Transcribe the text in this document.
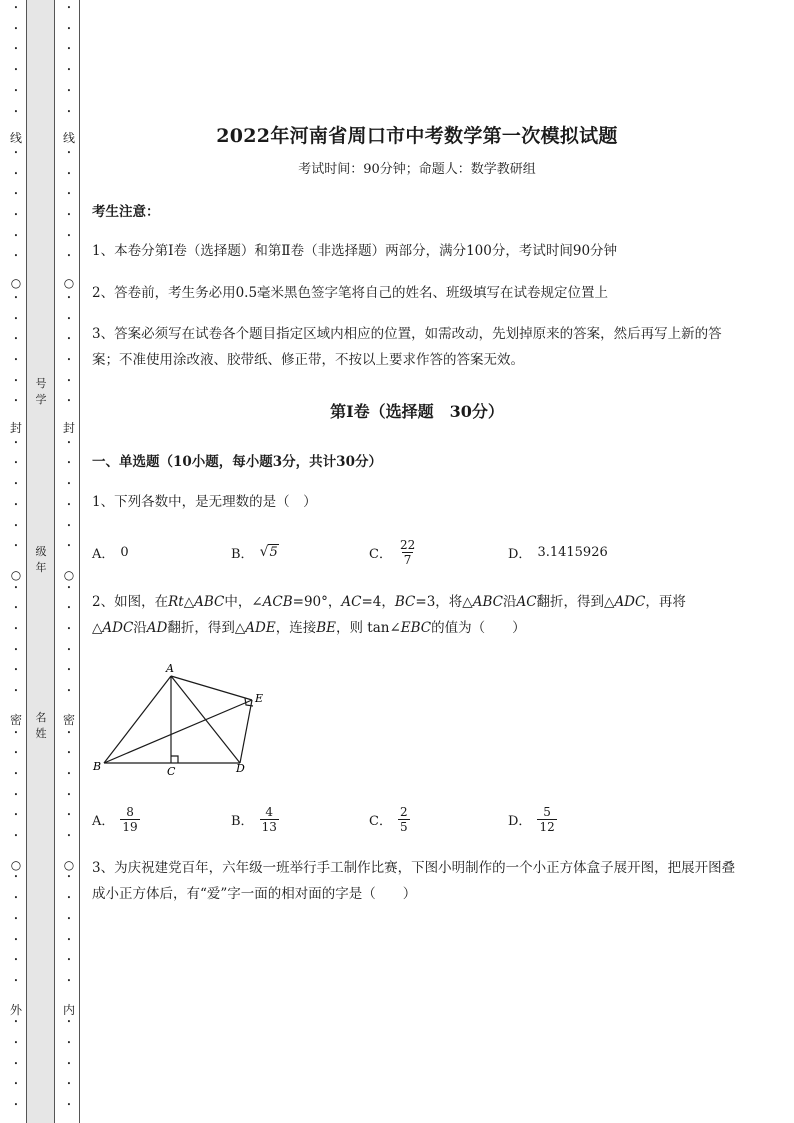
•
•
•
•
•
•
•
•
•
•
•
•
•
•
•
•
•
•
•
•
•
•
•
•
•
•
•
•
•
•
•
•
•
•
•
•
•
•
•
•
•
•
•
•
•
•
•
线
○
封
○
密
○
外
•
•
•
•
•
•
•
•
•
•
•
•
•
•
•
•
•
•
•
•
•
•
•
•
•
•
•
•
•
•
•
•
•
•
•
•
•
•
•
•
•
•
•
•
•
•
•
线
○
封
○
密
○
内
号
学
级
年
名
姓
2022年河南省周口市中考数学第一次模拟试题
考试时间：90分钟；命题人：数学教研组
考生注意：
1、本卷分第I卷（选择题）和第Ⅱ卷（非选择题）两部分，满分100分，考试时间90分钟
2、答卷前，考生务必用0.5毫米黑色签字笔将自己的姓名、班级填写在试卷规定位置上
3、答案必须写在试卷各个题目指定区域内相应的位置，如需改动，先划掉原来的答案，然后再写上新的答案；不准使用涂改液、胶带纸、修正带，不按以上要求作答的答案无效。
第I卷（选择题　30分）
一、单选题（10小题，每小题3分，共计30分）
1、下列各数中，是无理数的是（　）
A． 0	B． √ 5	C． $\frac{22}{7}$	D． 3.1415926
2、如图，在Rt△ABC中，∠ACB=90°，AC=4，BC=3，将△ABC沿AC翻折，得到△ADC，再将
△ADC沿AD翻折，得到△ADE，连接BE，则 tan∠EBC的值为（　　）
A
B	C	D
E
A． $\frac{8}{19}$	B． $\frac{4}{13}$	C． $\frac{2}{5}$	D． $\frac{5}{12}$
3、为庆祝建党百年，六年级一班举行手工制作比赛，下图小明制作的一个小正方体盒子展开图，把展开图叠成小正方体后，有“爱”字一面的相对面的字是（　　）
